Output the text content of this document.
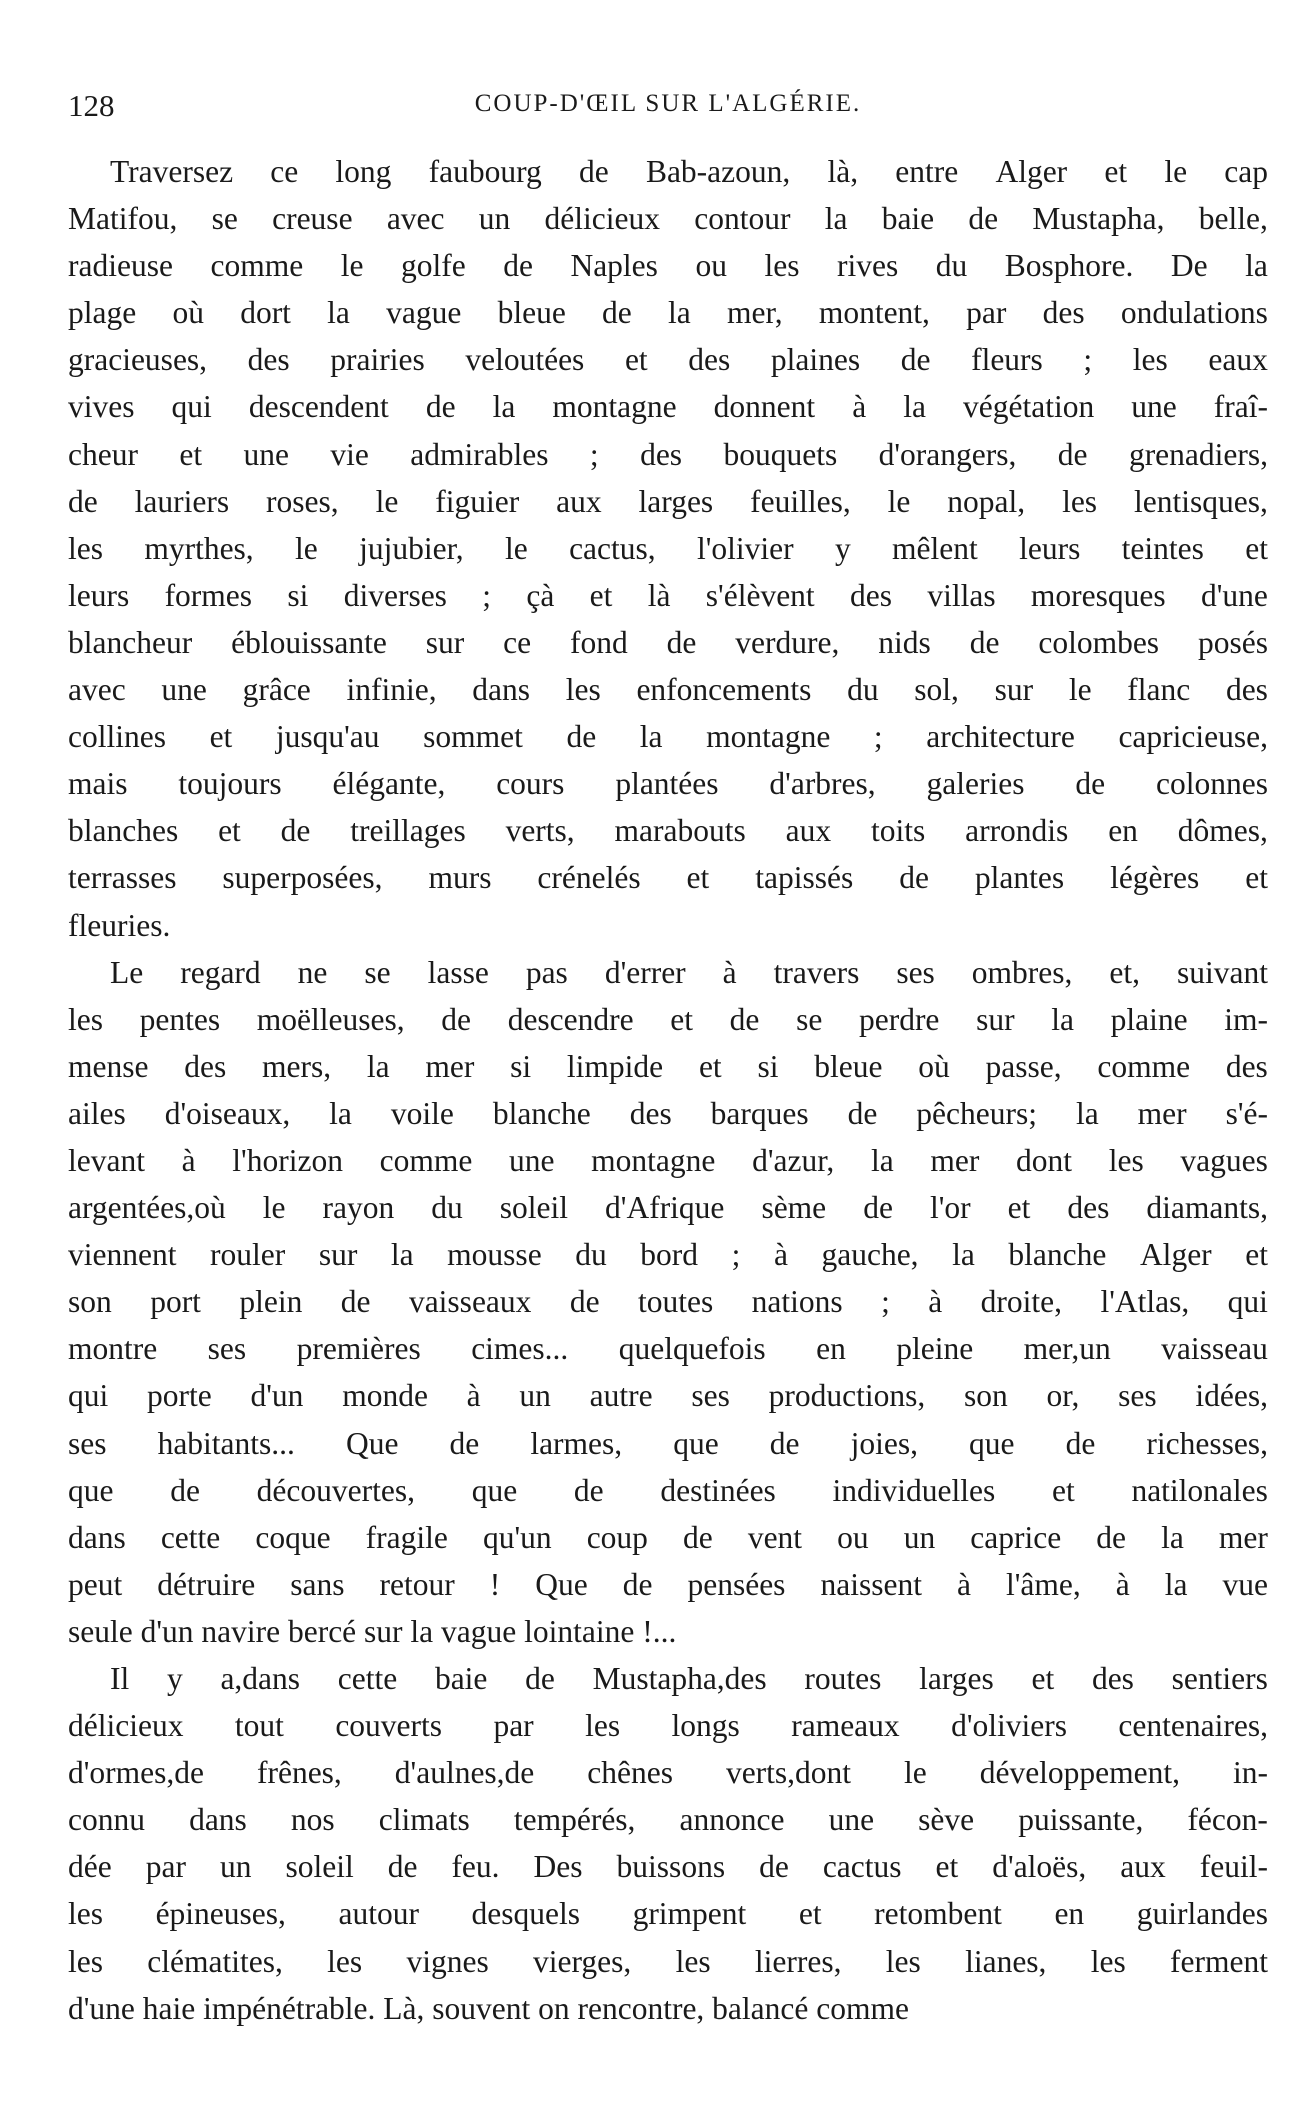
128	COUP-D'ŒIL SUR L'ALGÉRIE.
Traversez ce long faubourg de Bab-azoun, là, entre Alger et le cap
Matifou, se creuse avec un délicieux contour la baie de Mustapha, belle,
radieuse comme le golfe de Naples ou les rives du Bosphore. De la
plage où dort la vague bleue de la mer, montent, par des ondulations
gracieuses, des prairies veloutées et des plaines de fleurs ; les eaux
vives qui descendent de la montagne donnent à la végétation une fraî-
cheur et une vie admirables ; des bouquets d'orangers, de grenadiers,
de lauriers roses, le figuier aux larges feuilles, le nopal, les lentisques,
les myrthes, le jujubier, le cactus, l'olivier y mêlent leurs teintes et
leurs formes si diverses ; çà et là s'élèvent des villas moresques d'une
blancheur éblouissante sur ce fond de verdure, nids de colombes posés
avec une grâce infinie, dans les enfoncements du sol, sur le flanc des
collines et jusqu'au sommet de la montagne ; architecture capricieuse,
mais toujours élégante, cours plantées d'arbres, galeries de colonnes
blanches et de treillages verts, marabouts aux toits arrondis en dômes,
terrasses superposées, murs crénelés et tapissés de plantes légères et
fleuries.
Le regard ne se lasse pas d'errer à travers ses ombres, et, suivant
les pentes moëlleuses, de descendre et de se perdre sur la plaine im-
mense des mers, la mer si limpide et si bleue où passe, comme des
ailes d'oiseaux, la voile blanche des barques de pêcheurs; la mer s'é-
levant à l'horizon comme une montagne d'azur, la mer dont les vagues
argentées,où le rayon du soleil d'Afrique sème de l'or et des diamants,
viennent rouler sur la mousse du bord ; à gauche, la blanche Alger et
son port plein de vaisseaux de toutes nations ; à droite, l'Atlas, qui
montre ses premières cimes... quelquefois en pleine mer,un vaisseau
qui porte d'un monde à un autre ses productions, son or, ses idées,
ses habitants... Que de larmes, que de joies, que de richesses,
que de découvertes, que de destinées individuelles et natilonales
dans cette coque fragile qu'un coup de vent ou un caprice de la mer
peut détruire sans retour ! Que de pensées naissent à l'âme, à la vue
seule d'un navire bercé sur la vague lointaine !...
Il y a,dans cette baie de Mustapha,des routes larges et des sentiers
délicieux tout couverts par les longs rameaux d'oliviers centenaires,
d'ormes,de frênes, d'aulnes,de chênes verts,dont le développement, in-
connu dans nos climats tempérés, annonce une sève puissante, fécon-
dée par un soleil de feu. Des buissons de cactus et d'aloës, aux feuil-
les épineuses, autour desquels grimpent et retombent en guirlandes
les clématites, les vignes vierges, les lierres, les lianes, les ferment
d'une haie impénétrable. Là, souvent on rencontre, balancé comme
